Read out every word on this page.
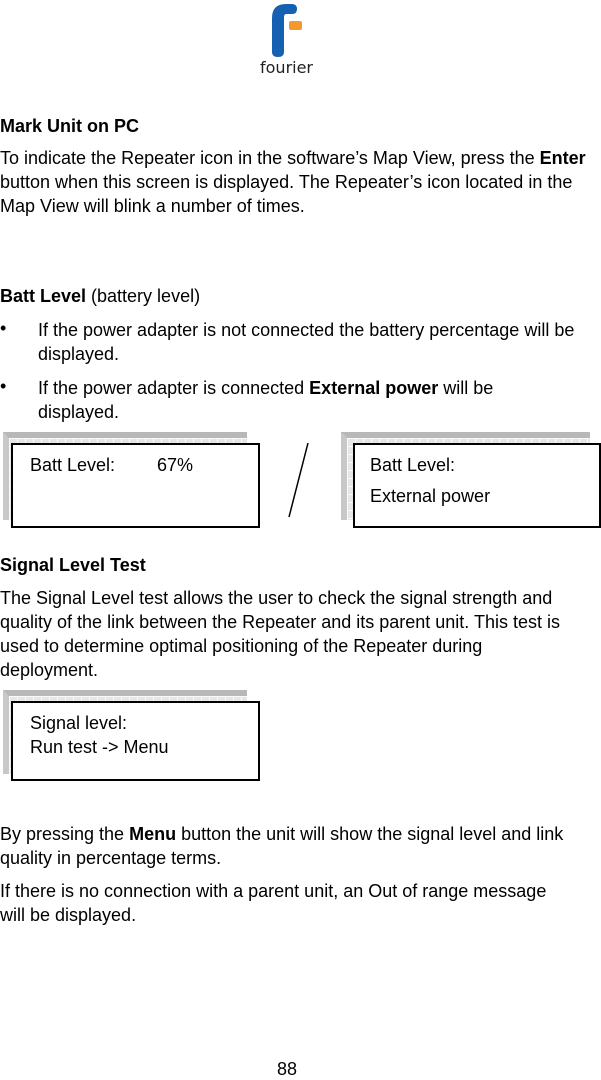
fourier
Mark Unit on PC

To indicate the Repeater icon in the software’s Map View, press the Enter button when this screen is displayed. The Repeater’s icon located in the Map View will blink a number of times.

Batt Level (battery level)
• If the power adapter is not connected the battery percentage will be displayed.

• If the power adapter is connected External power will be displayed.

Batt Level: 67%	Batt Level:
External power
Signal Level Test

The Signal Level test allows the user to check the signal strength and quality of the link between the Repeater and its parent unit. This test is used to determine optimal positioning of the Repeater during deployment.

Signal level:
Run test -> Menu

By pressing the Menu button the unit will show the signal level and link quality in percentage terms.

If there is no connection with a parent unit, an Out of range message will be displayed.

88
